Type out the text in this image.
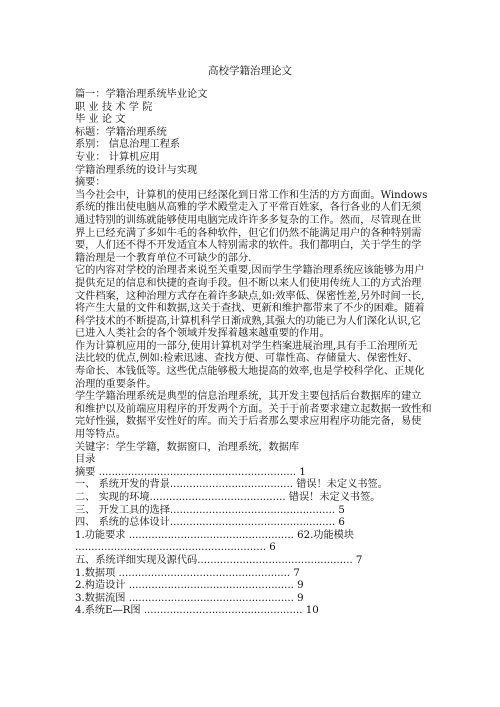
高校学籍治理论文
篇一：学籍治理系统毕业论文
职 业 技 术 学 院
毕 业 论 文
标题：学籍治理系统
系别： 信息治理工程系
专业： 计算机应用
学籍治理系统的设计与实现
摘要：
当今社会中，计算机的使用已经深化到日常工作和生活的方方面面。Windows
系统的推出使电脑从高雅的学术殿堂走入了平常百姓家，各行各业的人们无须
通过特别的训练就能够使用电脑完成许许多多复杂的工作。然而，尽管现在世
界上已经充满了多如牛毛的各种软件，但它们仍然不能满足用户的各种特别需
要，人们还不得不开发适宜本人特别需求的软件。我们都明白，关于学生的学
籍治理是一个教育单位不可缺少的部分.
它的内容对学校的治理者来说至关重要,因而学生学籍治理系统应该能够为用户
提供充足的信息和快捷的查询手段。但不断以来人们使用传统人工的方式治理
文件档案，这种治理方式存在着许多缺点,如:效率低、保密性差,另外时间一长,
将产生大量的文件和数据,这关于查找、更新和维护都带来了不少的困难。随着
科学技术的不断提高,计算机科学日渐成熟,其强大的功能已为人们深化认识,它
已进入人类社会的各个领域并发挥着越来越重要的作用。
作为计算机应用的一部分,使用计算机对学生档案进展治理,具有手工治理所无
法比较的优点,例如:检索迅速、查找方便、可靠性高、存储量大、保密性好、
寿命长、本钱低等。这些优点能够极大地提高的效率,也是学校科学化、正规化
治理的重要条件。
学生学籍治理系统是典型的信息治理系统，其开发主要包括后台数据库的建立
和维护以及前端应用程序的开发两个方面。关于于前者要求建立起数据一致性和
完好性强，数据平安性好的库。而关于后者那么要求应用程序功能完备，易使
用等特点。
关键字：学生学籍，数据窗口，治理系统，数据库
目录
摘要 ............................................................. 1
一、 系统开发的背景...................................... 错误！未定义书签。
二、 实现的环境.......................................... 错误！未定义书签。
三、 开发工具的选择................................................... 5
四、 系统的总体设计................................................... 6
1.功能要求 ................................................... 62.功能模块
........................................................... 6
五、系统详细实现及源代码................................................ 7
1.数据项 ..................................................... 7
2.构造设计 ................................................... 9
3.数据流图 ................................................... 9
4.系统E—R图 ................................................. 10
